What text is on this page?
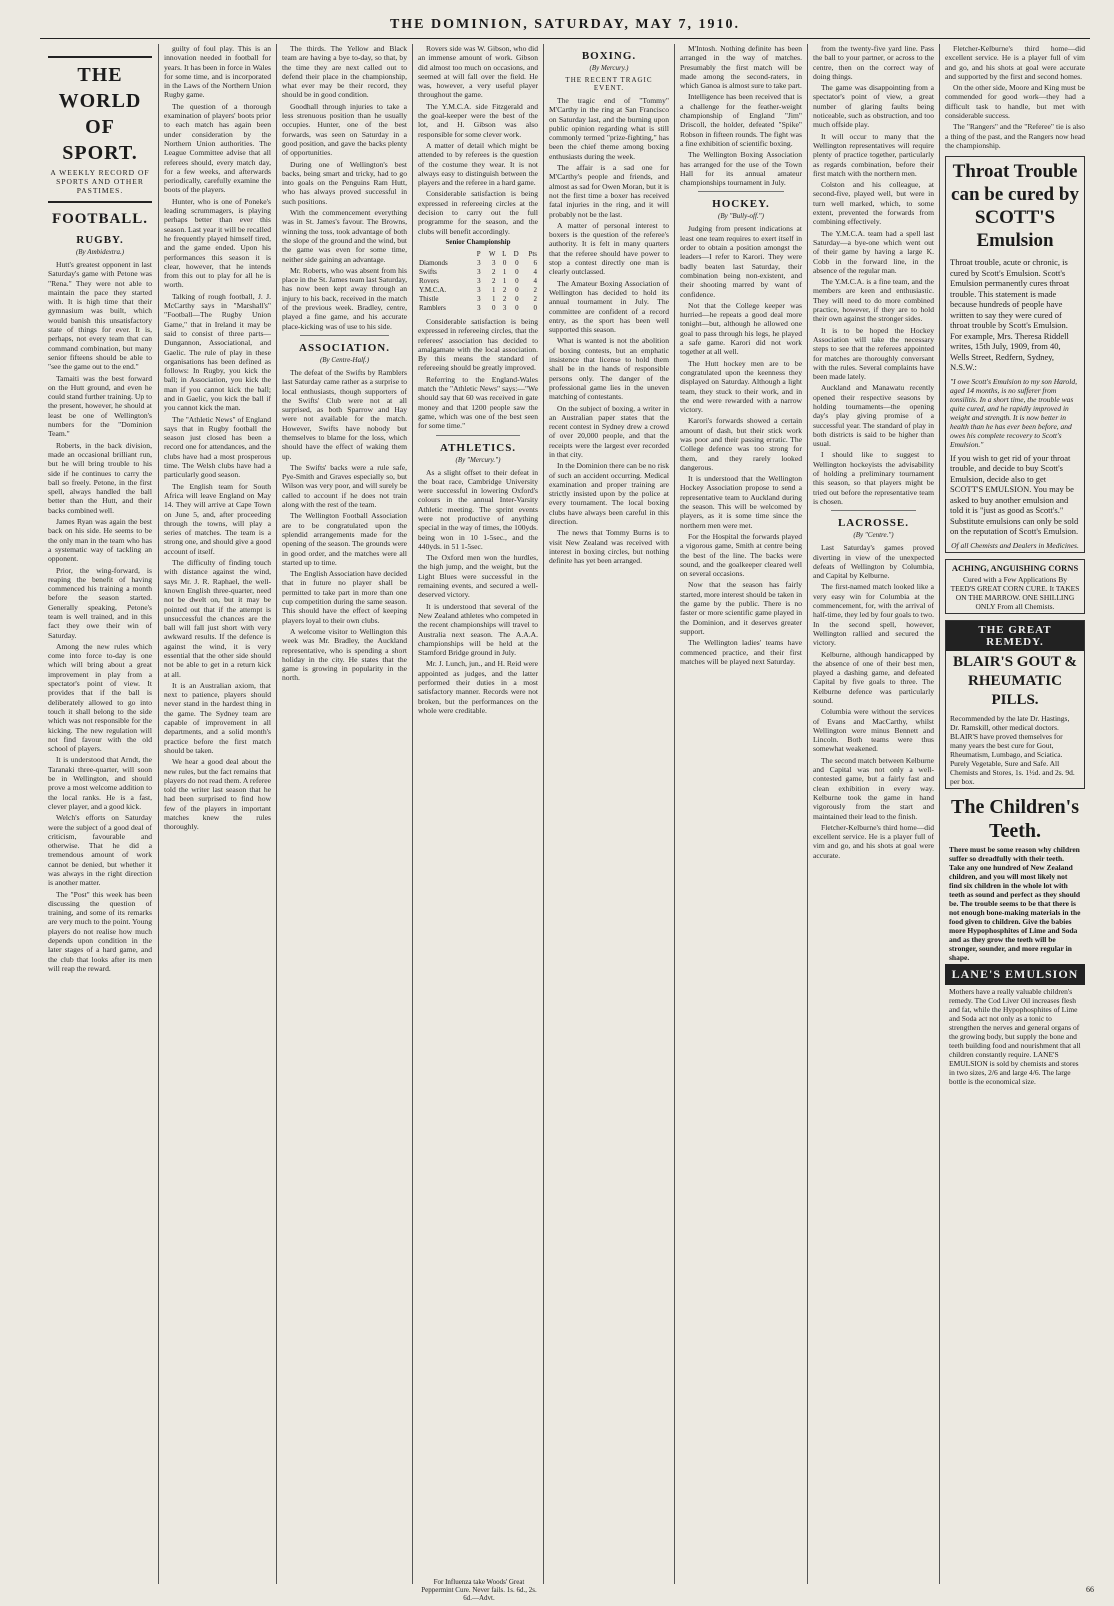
THE DOMINION, SATURDAY, MAY 7, 1910.
THE WORLD OF SPORT.
A WEEKLY RECORD OF SPORTS AND OTHER PASTIMES.
FOOTBALL.
RUGBY.
(By Ambidextra.)

Hutt's greatest opponent in last Saturday's game with Petone was "Rena." They were not able to maintain the pace they started with. It is high time that their gymnasium was built, which would banish this unsatisfactory state of things for ever. It is, perhaps, not every team that can command combination, but many senior fifteens should be able to "see the game out to the end."

Tamaiti was the best forward on the Hutt ground, and even he could stand further training. Up to the present, however, he should at least be one of Wellington's numbers for the "Dominion Team."

Roberts, in the back division, made an occasional brilliant run, but he will bring trouble to his side if he continues to carry the ball so freely. Petone, in the first spell, always handled the ball better than the Hutt, and their backs combined well.

James Ryan was again the best back on his side. He seems to be the only man in the team who has a systematic way of tackling an opponent.

Prior, the wing-forward, is reaping the benefit of having commenced his training a month before the season started. Generally speaking, Petone's team is well trained, and in this fact they owe their win of Saturday.

Among the new rules which come into force to-day is one which will bring about a great improvement in play from a spectator's point of view. It provides that if the ball is deliberately allowed to go into touch it shall belong to the side which was not responsible for the kicking. The new regulation will not find favour with the old school of players.

It is understood that Arndt, the Taranaki three-quarter, will soon be in Wellington, and should prove a most welcome addition to the local ranks. He is a fast, clever player, and a good kick.

Welch's efforts on Saturday were the subject of a good deal of criticism, favourable and otherwise. That he did a tremendous amount of work cannot be denied, but whether it was always in the right direction is another matter.

The "Post" this week has been discussing the question of training, and some of its remarks are very much to the point. Young players do not realise how much depends upon condition in the later stages of a hard game, and the club that looks after its men will reap the reward.

guilty of foul play. This is an innovation needed in football for years. It has been in force in Wales for some time, and is incorporated in the Laws of the Northern Union Rugby game.

The question of a thorough examination of players' boots prior to each match has again been under consideration by the Northern Union authorities. The League Committee advise that all referees should, every match day, for a few weeks, and afterwards periodically, carefully examine the boots of the players.

Hunter, who is one of Poneke's leading scrummagers, is playing perhaps better than ever this season. Last year it will be recalled he frequently played himself tired, and the game ended. Upon his performances this season it is clear, however, that he intends from this out to play for all he is worth.

Talking of rough football, J. J. McCarthy says in "Marshall's" "Football—The Rugby Union Game," that in Ireland it may be said to consist of three parts—Dungannon, Associational, and Gaelic. The rule of play in these organisations has been defined as follows: In Rugby, you kick the ball; in Association, you kick the man if you cannot kick the ball; and in Gaelic, you kick the ball if you cannot kick the man.

The "Athletic News" of England says that in Rugby football the season just closed has been a record one for attendances, and the clubs have had a most prosperous time. The Welsh clubs have had a particularly good season.

The English team for South Africa will leave England on May 14. They will arrive at Cape Town on June 5, and, after proceeding through the towns, will play a series of matches. The team is a strong one, and should give a good account of itself.

The difficulty of finding touch with distance against the wind, says Mr. J. R. Raphael, the well-known English three-quarter, need not be dwelt on, but it may be pointed out that if the attempt is unsuccessful the chances are the ball will fall just short with very awkward results. If the defence is against the wind, it is very essential that the other side should not be able to get in a return kick at all.

It is an Australian axiom, that next to patience, players should never stand in the hardest thing in the game. The Sydney team are capable of improvement in all departments, and a solid month's practice before the first match should be taken.

We hear a good deal about the new rules, but the fact remains that players do not read them. A referee told the writer last season that he had been surprised to find how few of the players in important matches knew the rules thoroughly.

The thirds. The Yellow and Black team are having a bye to-day, so that, by the time they are next called out to defend their place in the championship, what ever may be their record, they should be in good condition.

Goodhall through injuries to take a less strenuous position than he usually occupies. Hunter, one of the best forwards, was seen on Saturday in a good position, and gave the backs plenty of opportunities.

During one of Wellington's best backs, being smart and tricky, had to go into goals on the Penguins Ram Hutt, who has always proved successful in such positions.

With the commencement everything was in St. James's favour. The Browns, winning the toss, took advantage of both the slope of the ground and the wind, but the game was even for some time, neither side gaining an advantage.

Mr. Roberts, who was absent from his place in the St. James team last Saturday, has now been kept away through an injury to his back, received in the match of the previous week. Bradley, centre, played a fine game, and his accurate place-kicking was of use to his side.

ASSOCIATION.
(By Centre-Half.)

The defeat of the Swifts by Ramblers last Saturday came rather as a surprise to local enthusiasts, though supporters of the Swifts' Club were not at all surprised, as both Sparrow and Hay were not available for the match. However, Swifts have nobody but themselves to blame for the loss, which should have the effect of waking them up.

The Swifts' backs were a rule safe, Pye-Smith and Graves especially so, but Wilson was very poor, and will surely be called to account if he does not train along with the rest of the team.

The Wellington Football Association are to be congratulated upon the splendid arrangements made for the opening of the season. The grounds were in good order, and the matches were all started up to time.

The English Association have decided that in future no player shall be permitted to take part in more than one cup competition during the same season. This should have the effect of keeping players loyal to their own clubs.

A welcome visitor to Wellington this week was Mr. Bradley, the Auckland representative, who is spending a short holiday in the city. He states that the game is growing in popularity in the north.

Rovers side was W. Gibson, who did an immense amount of work. Gibson did almost too much on occasions, and seemed at will fall over the field. He was, however, a very useful player throughout the game.

The Y.M.C.A. side Fitzgerald and the goal-keeper were the best of the lot, and H. Gibson was also responsible for some clever work.

A matter of detail which might be attended to by referees is the question of the costume they wear. It is not always easy to distinguish between the players and the referee in a hard game.

Considerable satisfaction is being expressed in refereeing circles at the decision to carry out the full programme for the season, and the clubs will benefit accordingly.

Senior Championship
	P	W	L	D	Pts
Diamonds	3	3	0	0	6
Swifts	3	2	1	0	4
Rovers	3	2	1	0	4
Y.M.C.A.	3	1	2	0	2
Thistle	3	1	2	0	2
Ramblers	3	0	3	0	0

Considerable satisfaction is being expressed in refereeing circles, that the referees' association has decided to amalgamate with the local association. By this means the standard of refereeing should be greatly improved.

Referring to the England-Wales match the "Athletic News" says:—"We should say that 60 was received in gate money and that 1200 people saw the game, which was one of the best seen for some time."

ATHLETICS.
(By "Mercury.")

As a slight offset to their defeat in the boat race, Cambridge University were successful in lowering Oxford's colours in the annual Inter-Varsity Athletic meeting. The sprint events were not productive of anything special in the way of times, the 100yds. being won in 10 1-5sec., and the 440yds. in 51 1-5sec.

The Oxford men won the hurdles, the high jump, and the weight, but the Light Blues were successful in the remaining events, and secured a well-deserved victory.

It is understood that several of the New Zealand athletes who competed in the recent championships will travel to Australia next season. The A.A.A. championships will be held at the Stamford Bridge ground in July.

Mr. J. Lunch, jun., and H. Reid were appointed as judges, and the latter performed their duties in a most satisfactory manner. Records were not broken, but the performances on the whole were creditable.

For Influenza take Woods' Great Peppermint Cure. Never fails. 1s. 6d., 2s. 6d.—Advt.
BOXING.
(By Mercury.)
THE RECENT TRAGIC EVENT.

The tragic end of "Tommy" M'Carthy in the ring at San Francisco on Saturday last, and the burning upon public opinion regarding what is still commonly termed "prize-fighting," has been the chief theme among boxing enthusiasts during the week.

The affair is a sad one for M'Carthy's people and friends, and almost as sad for Owen Moran, but it is not the first time a boxer has received fatal injuries in the ring, and it will probably not be the last.

A matter of personal interest to boxers is the question of the referee's authority. It is felt in many quarters that the referee should have power to stop a contest directly one man is clearly outclassed.

The Amateur Boxing Association of Wellington has decided to hold its annual tournament in July. The committee are confident of a record entry, as the sport has been well supported this season.

What is wanted is not the abolition of boxing contests, but an emphatic insistence that license to hold them shall be in the hands of responsible persons only. The danger of the professional game lies in the uneven matching of contestants.

On the subject of boxing, a writer in an Australian paper states that the recent contest in Sydney drew a crowd of over 20,000 people, and that the receipts were the largest ever recorded in that city.

In the Dominion there can be no risk of such an accident occurring. Medical examination and proper training are strictly insisted upon by the police at every tournament. The local boxing clubs have always been careful in this direction.

The news that Tommy Burns is to visit New Zealand was received with interest in boxing circles, but nothing definite has yet been arranged.

M'Intosh. Nothing definite has been arranged in the way of matches. Presumably the first match will be made among the second-raters, in which Ganoa is almost sure to take part.

Intelligence has been received that is a challenge for the feather-weight championship of England "Jim" Driscoll, the holder, defeated "Spike" Robson in fifteen rounds. The fight was a fine exhibition of scientific boxing.

The Wellington Boxing Association has arranged for the use of the Town Hall for its annual amateur championships tournament in July.

HOCKEY.
(By "Bully-off.")

Judging from present indications at least one team requires to exert itself in order to obtain a position amongst the leaders—I refer to Karori. They were badly beaten last Saturday, their combination being non-existent, and their shooting marred by want of confidence.

Not that the College keeper was hurried—he repeats a good deal more tonight—but, although he allowed one goal to pass through his legs, he played a safe game. Karori did not work together at all well.

The Hutt hockey men are to be congratulated upon the keenness they displayed on Saturday. Although a light team, they stuck to their work, and in the end were rewarded with a narrow victory.

Karori's forwards showed a certain amount of dash, but their stick work was poor and their passing erratic. The College defence was too strong for them, and they rarely looked dangerous.

It is understood that the Wellington Hockey Association propose to send a representative team to Auckland during the season. This will be welcomed by players, as it is some time since the northern men were met.

For the Hospital the forwards played a vigorous game, Smith at centre being the best of the line. The backs were sound, and the goalkeeper cleared well on several occasions.

Now that the season has fairly started, more interest should be taken in the game by the public. There is no faster or more scientific game played in the Dominion, and it deserves greater support.

The Wellington ladies' teams have commenced practice, and their first matches will be played next Saturday.

from the twenty-five yard line. Pass the ball to your partner, or across to the centre, then on the correct way of doing things.

The game was disappointing from a spectator's point of view, a great number of glaring faults being noticeable, such as obstruction, and too much offside play.

It will occur to many that the Wellington representatives will require plenty of practice together, particularly as regards combination, before their first match with the northern men.

Colston and his colleague, at second-five, played well, but were in turn well marked, which, to some extent, prevented the forwards from combining effectively.

The Y.M.C.A. team had a spell last Saturday—a bye-one which went out of their game by having a large K. Cobb in the forward line, in the absence of the regular man.

The Y.M.C.A. is a fine team, and the members are keen and enthusiastic. They will need to do more combined practice, however, if they are to hold their own against the stronger sides.

It is to be hoped the Hockey Association will take the necessary steps to see that the referees appointed for matches are thoroughly conversant with the rules. Several complaints have been made lately.

Auckland and Manawatu recently opened their respective seasons by holding tournaments—the opening day's play giving promise of a successful year. The standard of play in both districts is said to be higher than usual.

I should like to suggest to Wellington hockeyists the advisability of holding a preliminary tournament this season, so that players might be tried out before the representative team is chosen.

LACROSSE.
(By "Centre.")

Last Saturday's games proved diverting in view of the unexpected defeats of Wellington by Columbia, and Capital by Kelburne.

The first-named match looked like a very easy win for Columbia at the commencement, for, with the arrival of half-time, they led by four goals to two. In the second spell, however, Wellington rallied and secured the victory.

Kelburne, although handicapped by the absence of one of their best men, played a dashing game, and defeated Capital by five goals to three. The Kelburne defence was particularly sound.

Columbia were without the services of Evans and MacCarthy, whilst Wellington were minus Bennett and Lincoln. Both teams were thus somewhat weakened.

The second match between Kelburne and Capital was not only a well-contested game, but a fairly fast and clean exhibition in every way. Kelburne took the game in hand vigorously from the start and maintained their lead to the finish.

Fletcher-Kelburne's third home—did excellent service. He is a player full of vim and go, and his shots at goal were accurate.

Fletcher-Kelburne's third home—did excellent service. He is a player full of vim and go, and his shots at goal were accurate and supported by the first and second homes.

On the other side, Moore and King must be commended for good work—they had a difficult task to handle, but met with considerable success.

The "Rangers" and the "Referee" tie is also a thing of the past, and the Rangers now head the championship.

Throat Trouble can be cured by SCOTT'S Emulsion
Throat trouble, acute or chronic, is cured by Scott's Emulsion. Scott's Emulsion permanently cures throat trouble. This statement is made because hundreds of people have written to say they were cured of throat trouble by Scott's Emulsion. For example, Mrs. Theresa Riddell writes, 15th July, 1909, from 40, Wells Street, Redfern, Sydney, N.S.W.:
"I owe Scott's Emulsion to my son Harold, aged 14 months, is no sufferer from tonsilitis. In a short time, the trouble was quite cured, and he rapidly improved in weight and strength. It is now better in health than he has ever been before, and owes his complete recovery to Scott's Emulsion."
If you wish to get rid of your throat trouble, and decide to buy Scott's Emulsion, decide also to get SCOTT'S EMULSION. You may be asked to buy another emulsion and told it is "just as good as Scott's." Substitute emulsions can only be sold on the reputation of Scott's Emulsion.
Of all Chemists and Dealers in Medicines.
ACHING, ANGUISHING CORNS
Cured with a Few Applications By TEED'S GREAT CORN CURE. It TAKES ON THE MARROW. ONE SHILLING ONLY From all Chemists.
THE GREAT REMEDY.
BLAIR'S GOUT & RHEUMATIC PILLS.
Recommended by the late Dr. Hastings, Dr. Ramskill, other medical doctors. BLAIR'S have proved themselves for many years the best cure for Gout, Rheumatism, Lumbago, and Sciatica. Purely Vegetable, Sure and Safe. All Chemists and Stores, 1s. 1½d. and 2s. 9d. per box.
The Children's Teeth.
There must be some reason why children suffer so dreadfully with their teeth. Take any one hundred of New Zealand children, and you will most likely not find six children in the whole lot with teeth as sound and perfect as they should be. The trouble seems to be that there is not enough bone-making materials in the food given to children. Give the babies more Hypophosphites of Lime and Soda and as they grow the teeth will be stronger, sounder, and more regular in shape.
LANE'S EMULSION
Mothers have a really valuable children's remedy. The Cod Liver Oil increases flesh and fat, while the Hypophosphites of Lime and Soda act not only as a tonic to strengthen the nerves and general organs of the growing body, but supply the bone and teeth building food and nourishment that all children constantly require. LANE'S EMULSION is sold by chemists and stores in two sizes, 2/6 and large 4/6. The large bottle is the economical size.
66
